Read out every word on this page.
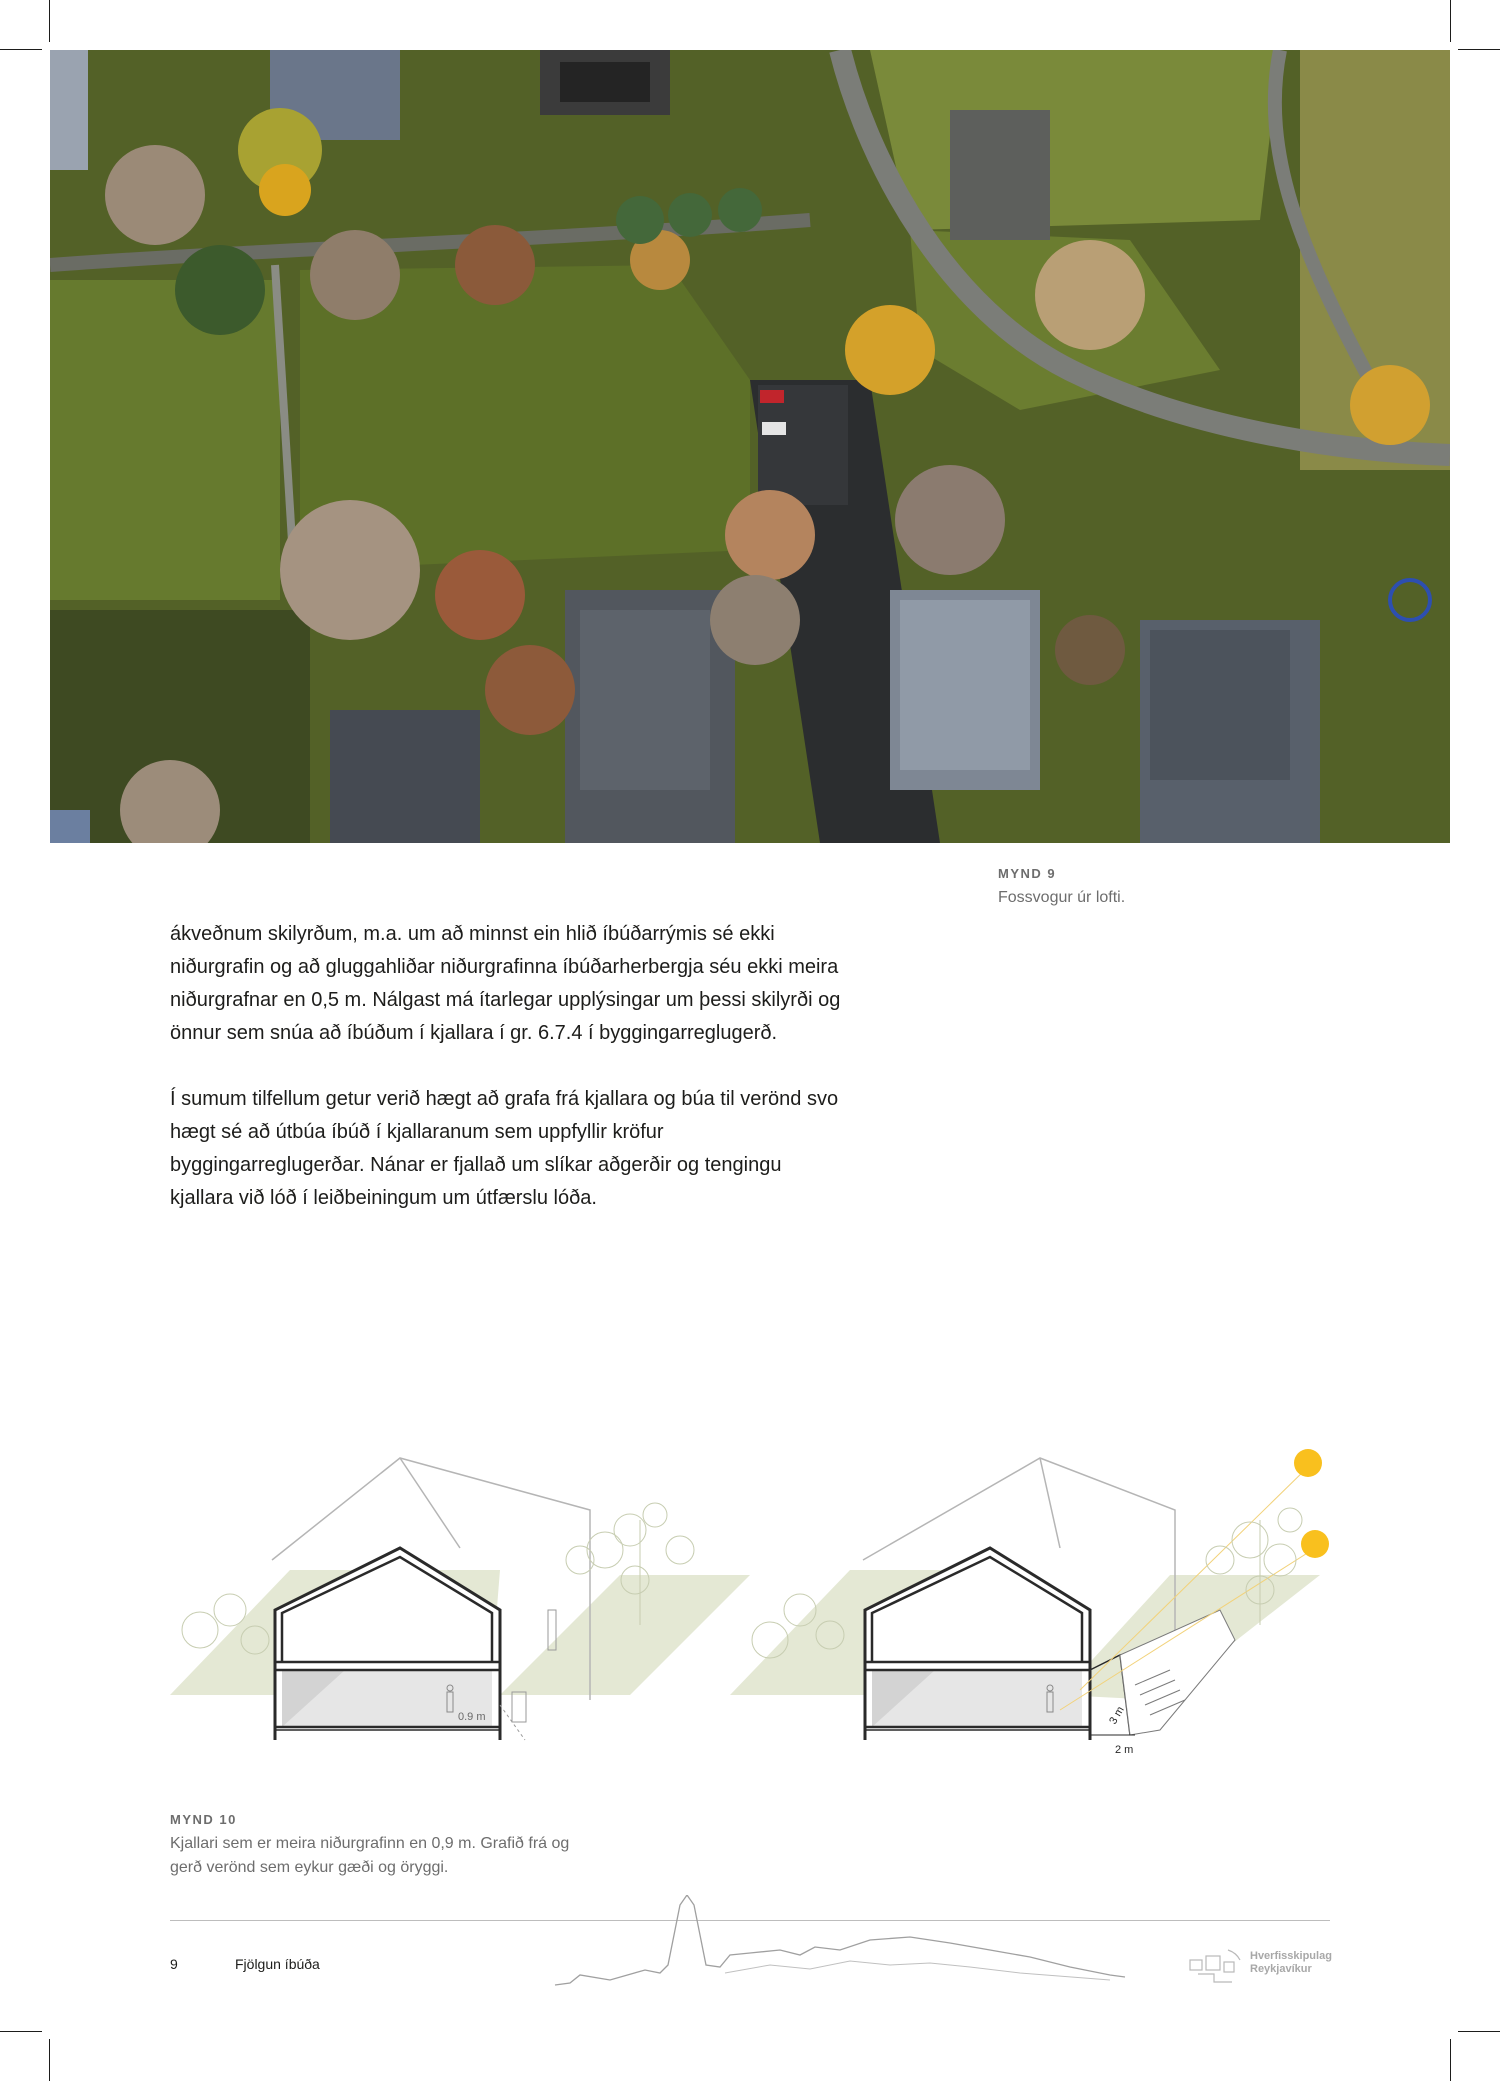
MYND 9
Fossvogur úr lofti.

ákveðnum skilyrðum, m.a. um að minnst ein hlið íbúðarrýmis sé ekki niðurgrafin og að gluggahliðar niðurgrafinna íbúðarherbergja séu ekki meira niðurgrafnar en 0,5 m. Nálgast má ítarlegar upplýsingar um þessi skilyrði og önnur sem snúa að íbúðum í kjallara í gr. 6.7.4 í byggingarreglugerð.

Í sumum tilfellum getur verið hægt að grafa frá kjallara og búa til verönd svo hægt sé að útbúa íbúð í kjallaranum sem uppfyllir kröfur byggingarreglugerðar. Nánar er fjallað um slíkar aðgerðir og tengingu kjallara við lóð í leiðbeiningum um útfærslu lóða.

0.9 m	3 m
2 m
MYND 10
Kjallari sem er meira niðurgrafinn en 0,9 m. Grafið frá og
gerð verönd sem eykur gæði og öryggi.
9	Fjölgun íbúða	Hverfisskipulag
Reykjavíkur
